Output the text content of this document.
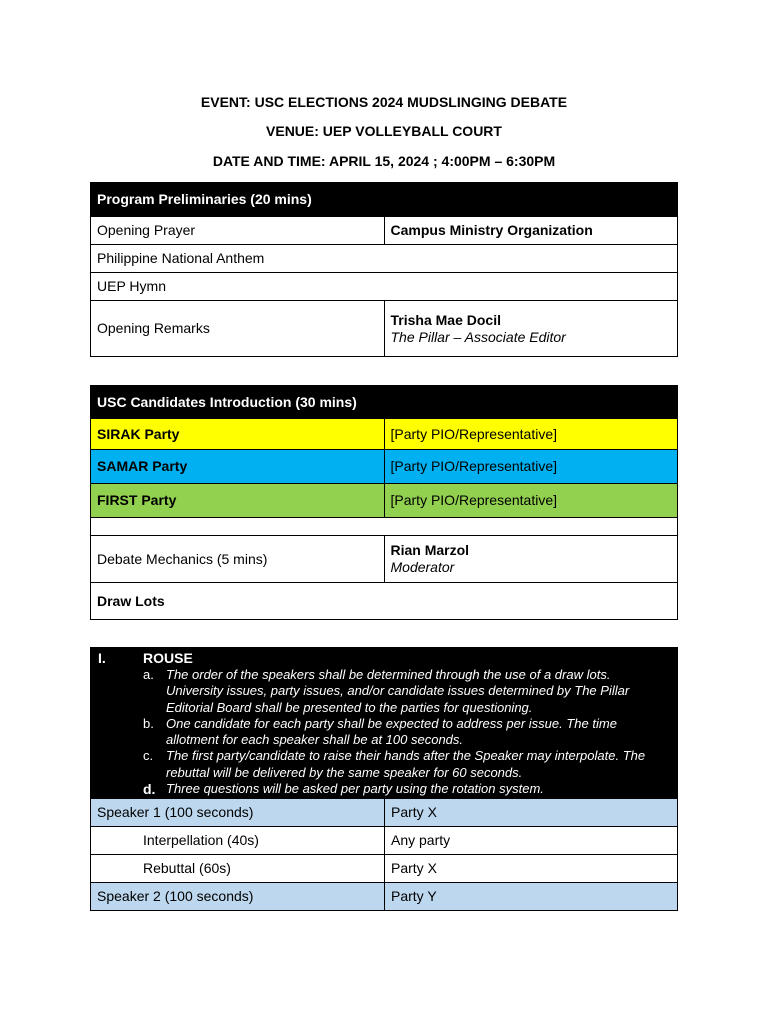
EVENT: USC ELECTIONS 2024 MUDSLINGING DEBATE
VENUE: UEP VOLLEYBALL COURT
DATE AND TIME: APRIL 15, 2024 ; 4:00PM – 6:30PM
Program Preliminaries (20 mins)	
Opening Prayer	Campus Ministry Organization
Philippine National Anthem	
UEP Hymn	
Opening Remarks	Trisha Mae Docil
The Pillar – Associate Editor
USC Candidates Introduction (30 mins)	
SIRAK Party	[Party PIO/Representative]
SAMAR Party	[Party PIO/Representative]
FIRST Party	[Party PIO/Representative]

Debate Mechanics (5 mins)	Rian Marzol
Moderator

Draw Lots	
I.	ROUSE
a. The order of the speakers shall be determined through the use of a draw lots. University issues, party issues, and/or candidate issues determined by The Pillar Editorial Board shall be presented to the parties for questioning.
b. One candidate for each party shall be expected to address per issue. The time allotment for each speaker shall be at 100 seconds.
c. The first party/candidate to raise their hands after the Speaker may interpolate. The rebuttal will be delivered by the same speaker for 60 seconds.
d. Three questions will be asked per party using the rotation system.
Speaker 1 (100 seconds)	Party X
Interpellation (40s)	Any party
Rebuttal (60s)	Party X
Speaker 2 (100 seconds)	Party Y
